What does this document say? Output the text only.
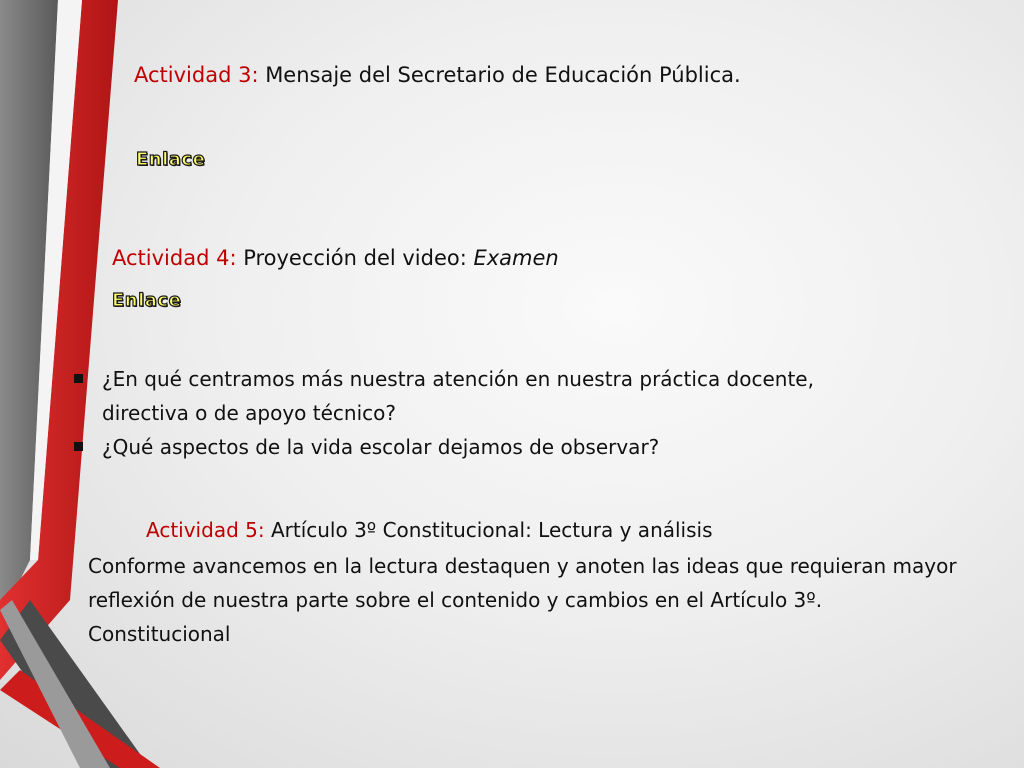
Actividad 3: Mensaje del Secretario de Educación Pública.
Enlace
Actividad 4: Proyección del video: Examen
Enlace
¿En qué centramos más nuestra atención en nuestra práctica docente,
directiva o de apoyo técnico?
¿Qué aspectos de la vida escolar dejamos de observar?
Actividad 5: Artículo 3º Constitucional: Lectura y análisis
Conforme avancemos en la lectura destaquen y anoten las ideas que requieran mayor reflexión de nuestra parte sobre el contenido y cambios en el Artículo 3º. Constitucional
